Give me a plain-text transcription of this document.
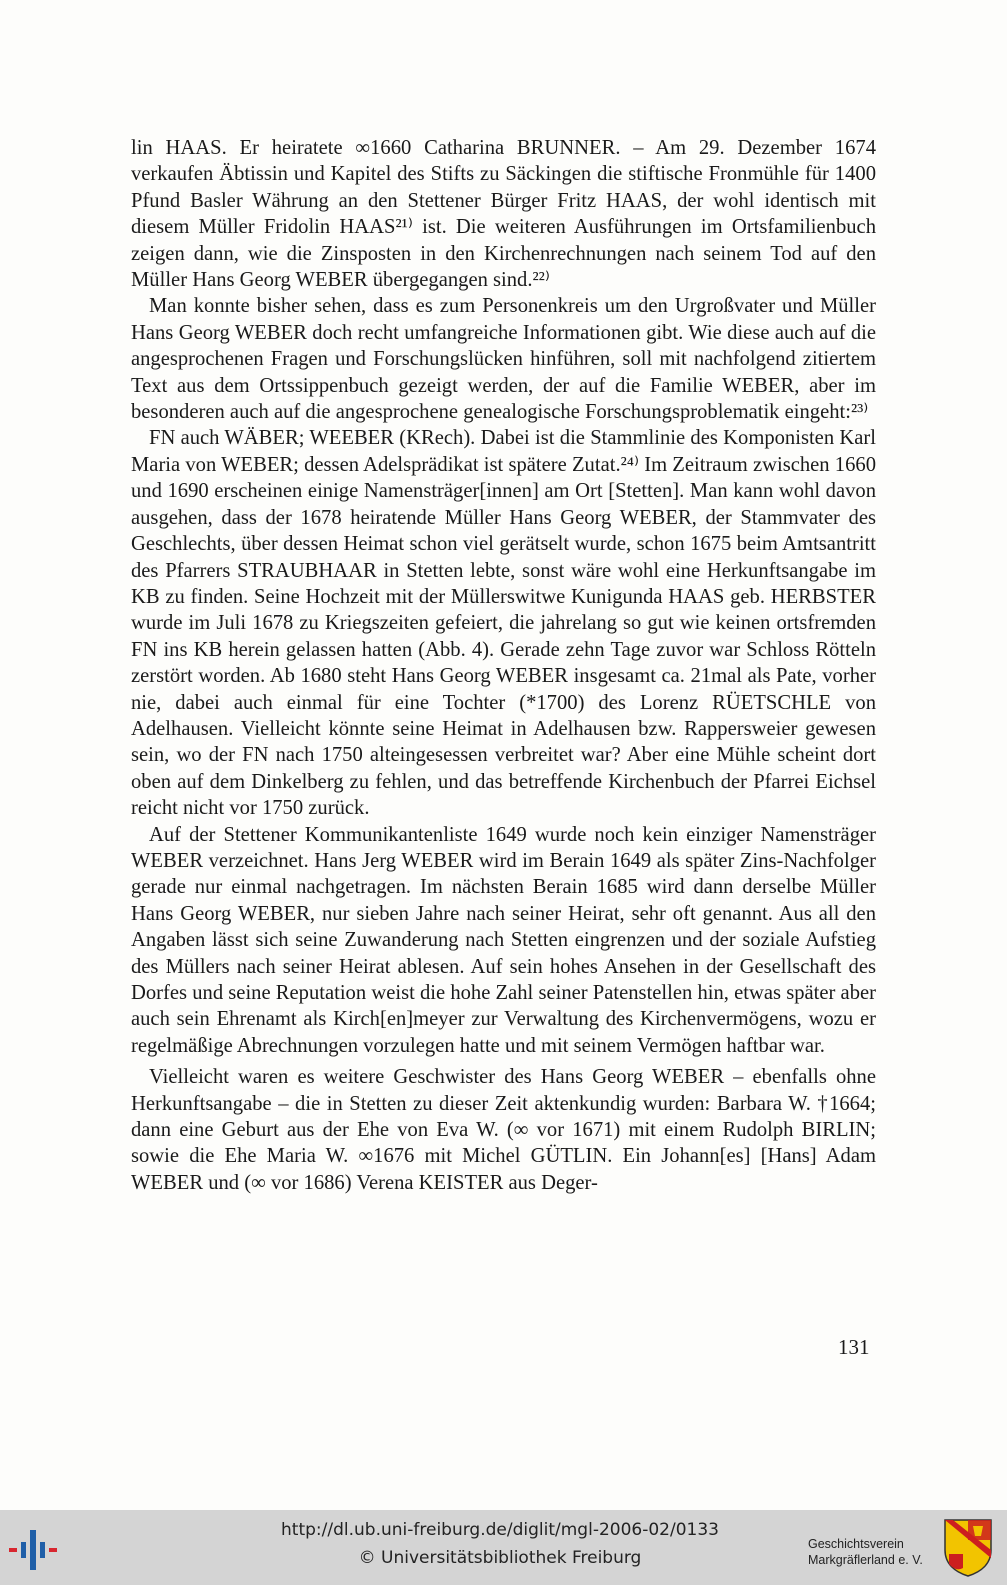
lin HAAS. Er heiratete ∞1660 Catharina BRUNNER. – Am 29. Dezember 1674 verkaufen Äbtissin und Kapitel des Stifts zu Säckingen die stiftische Fronmühle für 1400 Pfund Basler Währung an den Stettener Bürger Fritz HAAS, der wohl identisch mit diesem Müller Fridolin HAAS²¹⁾ ist. Die weiteren Ausführungen im Ortsfamilienbuch zeigen dann, wie die Zinsposten in den Kirchenrechnungen nach seinem Tod auf den Müller Hans Georg WEBER übergegangen sind.²²⁾

Man konnte bisher sehen, dass es zum Personenkreis um den Urgroßvater und Müller Hans Georg WEBER doch recht umfangreiche Informationen gibt. Wie diese auch auf die angesprochenen Fragen und Forschungslücken hinführen, soll mit nachfolgend zitiertem Text aus dem Ortssippenbuch gezeigt werden, der auf die Familie WEBER, aber im besonderen auch auf die angesprochene genealogische Forschungsproblematik eingeht:²³⁾

FN auch WÄBER; WEEBER (KRech). Dabei ist die Stammlinie des Komponisten Karl Maria von WEBER; dessen Adelsprädikat ist spätere Zutat.²⁴⁾ Im Zeitraum zwischen 1660 und 1690 erscheinen einige Namensträger[innen] am Ort [Stetten]. Man kann wohl davon ausgehen, dass der 1678 heiratende Müller Hans Georg WEBER, der Stammvater des Geschlechts, über dessen Heimat schon viel gerätselt wurde, schon 1675 beim Amtsantritt des Pfarrers STRAUBHAAR in Stetten lebte, sonst wäre wohl eine Herkunftsangabe im KB zu finden. Seine Hochzeit mit der Müllerswitwe Kunigunda HAAS geb. HERBSTER wurde im Juli 1678 zu Kriegszeiten gefeiert, die jahrelang so gut wie keinen ortsfremden FN ins KB herein gelassen hatten (Abb. 4). Gerade zehn Tage zuvor war Schloss Rötteln zerstört worden. Ab 1680 steht Hans Georg WEBER insgesamt ca. 21mal als Pate, vorher nie, dabei auch einmal für eine Tochter (*1700) des Lorenz RÜETSCHLE von Adelhausen. Vielleicht könnte seine Heimat in Adelhausen bzw. Rappersweier gewesen sein, wo der FN nach 1750 alteingesessen verbreitet war? Aber eine Mühle scheint dort oben auf dem Dinkelberg zu fehlen, und das betreffende Kirchenbuch der Pfarrei Eichsel reicht nicht vor 1750 zurück.

Auf der Stettener Kommunikantenliste 1649 wurde noch kein einziger Namensträger WEBER verzeichnet. Hans Jerg WEBER wird im Berain 1649 als später Zins-Nachfolger gerade nur einmal nachgetragen. Im nächsten Berain 1685 wird dann derselbe Müller Hans Georg WEBER, nur sieben Jahre nach seiner Heirat, sehr oft genannt. Aus all den Angaben lässt sich seine Zuwanderung nach Stetten eingrenzen und der soziale Aufstieg des Müllers nach seiner Heirat ablesen. Auf sein hohes Ansehen in der Gesellschaft des Dorfes und seine Reputation weist die hohe Zahl seiner Patenstellen hin, etwas später aber auch sein Ehrenamt als Kirch[en]meyer zur Verwaltung des Kirchenvermögens, wozu er regelmäßige Abrechnungen vorzulegen hatte und mit seinem Vermögen haftbar war.

Vielleicht waren es weitere Geschwister des Hans Georg WEBER – ebenfalls ohne Herkunftsangabe – die in Stetten zu dieser Zeit aktenkundig wurden: Barbara W. †1664; dann eine Geburt aus der Ehe von Eva W. (∞ vor 1671) mit einem Rudolph BIRLIN; sowie die Ehe Maria W. ∞1676 mit Michel GÜTLIN. Ein Johann[es] [Hans] Adam WEBER und (∞ vor 1686) Verena KEISTER aus Deger-

131
http://dl.ub.uni-freiburg.de/diglit/mgl-2006-02/0133
© Universitätsbibliothek Freiburg
Geschichtsverein
Markgräflerland e. V.
